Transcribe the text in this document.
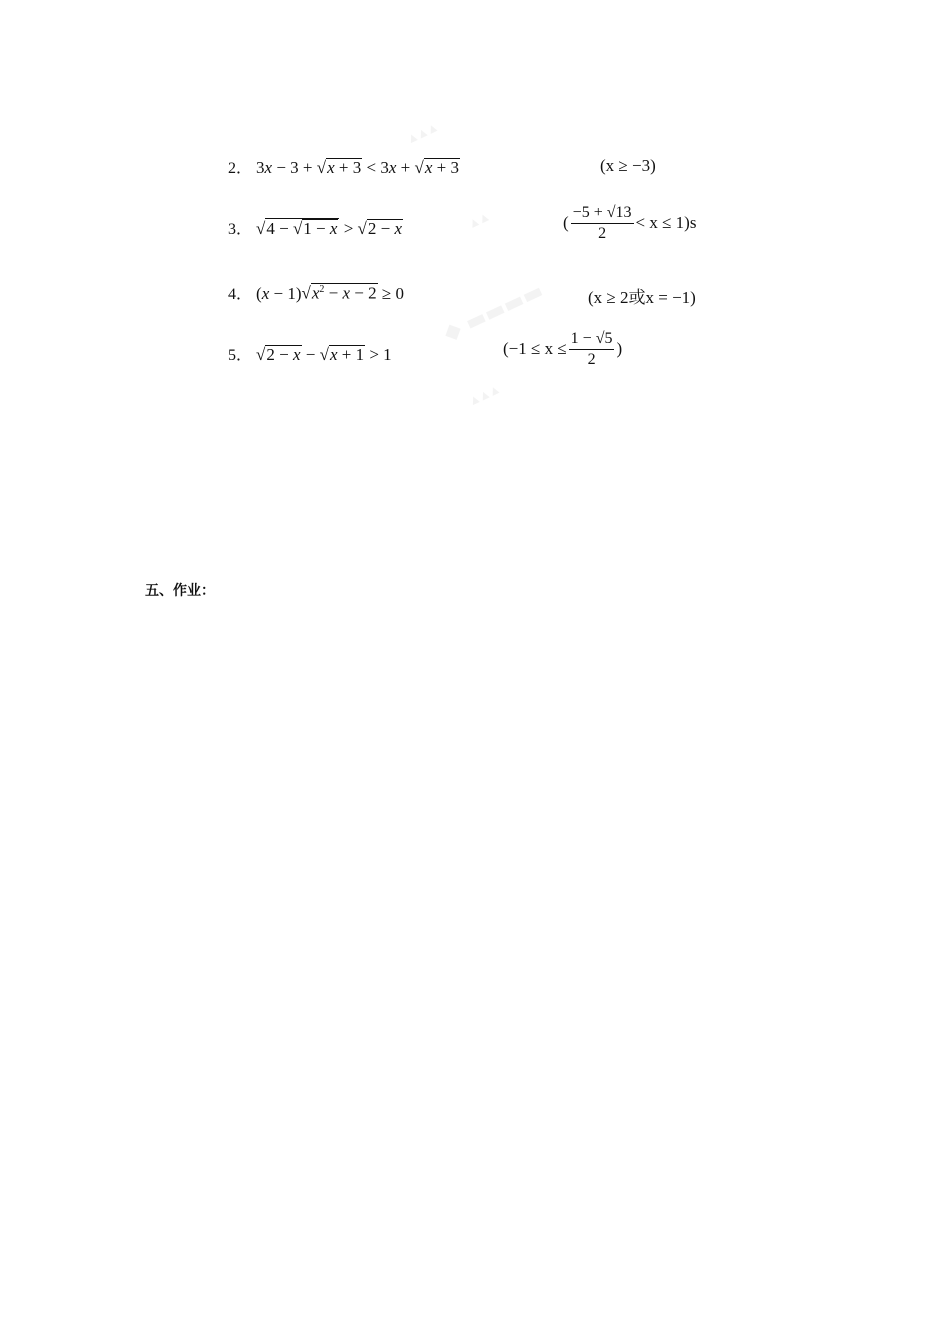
▲ ▲ ▲
▲ ▲
◆ ▬▬▬▬
▲ ▲ ▲
2． 3x − 3 + √x + 3 < 3x + √x + 3	(x ≥ −3)
3． √4 − √1 − x > √2 − x	( $\frac{-5 + √13}{2} < x \le 1)s$
4． $(x - 1)√x^2 - x - 2 \ge 0$	(x ≥ 2或x = −1)
5． √2 − x − √x + 1 > 1	($-1 \le x \le \frac{1 - √5}{2}$ )
五、作业：
